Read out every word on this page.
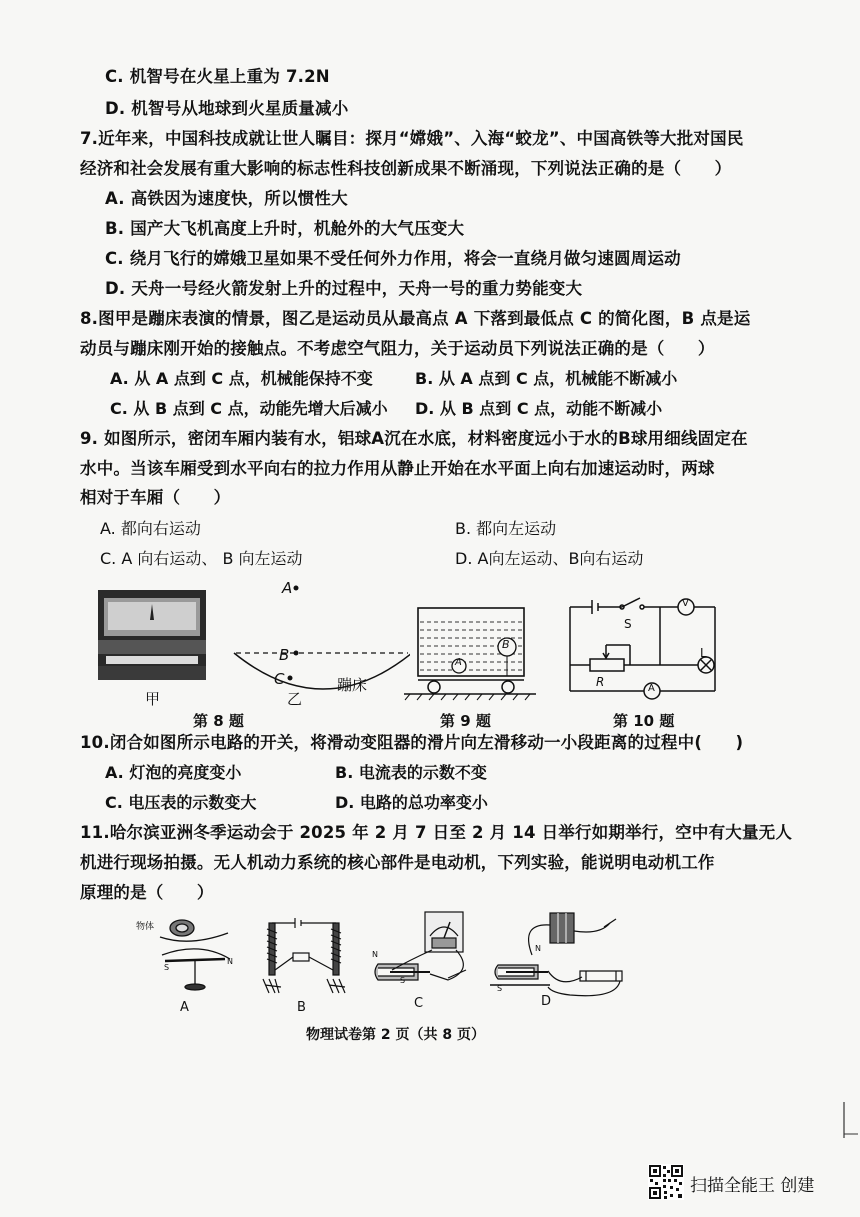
C. 机智号在火星上重为 7.2N
D. 机智号从地球到火星质量减小
7.近年来，中国科技成就让世人瞩目：探月“嫦娥”、入海“蛟龙”、中国高铁等大批对国民
经济和社会发展有重大影响的标志性科技创新成果不断涌现，下列说法正确的是（　　）
A. 高铁因为速度快，所以惯性大
B. 国产大飞机高度上升时，机舱外的大气压变大
C. 绕月飞行的嫦娥卫星如果不受任何外力作用，将会一直绕月做匀速圆周运动
D. 天舟一号经火箭发射上升的过程中，天舟一号的重力势能变大
8.图甲是蹦床表演的情景，图乙是运动员从最高点 A 下落到最低点 C 的简化图，B 点是运
动员与蹦床刚开始的接触点。不考虑空气阻力，关于运动员下列说法正确的是（　　）
A. 从 A 点到 C 点，机械能保持不变	B. 从 A 点到 C 点，机械能不断减小
C. 从 B 点到 C 点，动能先增大后减小 D. 从 B 点到 C 点，动能不断减小
9. 如图所示，密闭车厢内装有水，铝球A沉在水底，材料密度远小于水的B球用细线固定在
水中。当该车厢受到水平向右的拉力作用从静止开始在水平面上向右加速运动时，两球
相对于车厢（　　）
A. 都向右运动	B. 都向左运动
C. A 向右运动、 B 向左运动	D. A向左运动、B向右运动
甲
A
B
C
乙
蹦床
A
B
S
R
L
V
A
第 8 题	第 9 题	第 10 题
10.闭合如图所示电路的开关，将滑动变阻器的滑片向左滑移动一小段距离的过程中(　　)
A. 灯泡的亮度变小	B. 电流表的示数不变
C. 电压表的示数变大	D. 电路的总功率变小
11.哈尔滨亚洲冬季运动会于 2025 年 2 月 7 日至 2 月 14 日举行如期举行，空中有大量无人
机进行现场拍摄。无人机动力系统的核心部件是电动机，下列实验，能说明电动机工作
原理的是（　　）
物体
S
N
A	B
N
S
C
N
S
D
物理试卷第 2 页（共 8 页）
扫描全能王 创建
